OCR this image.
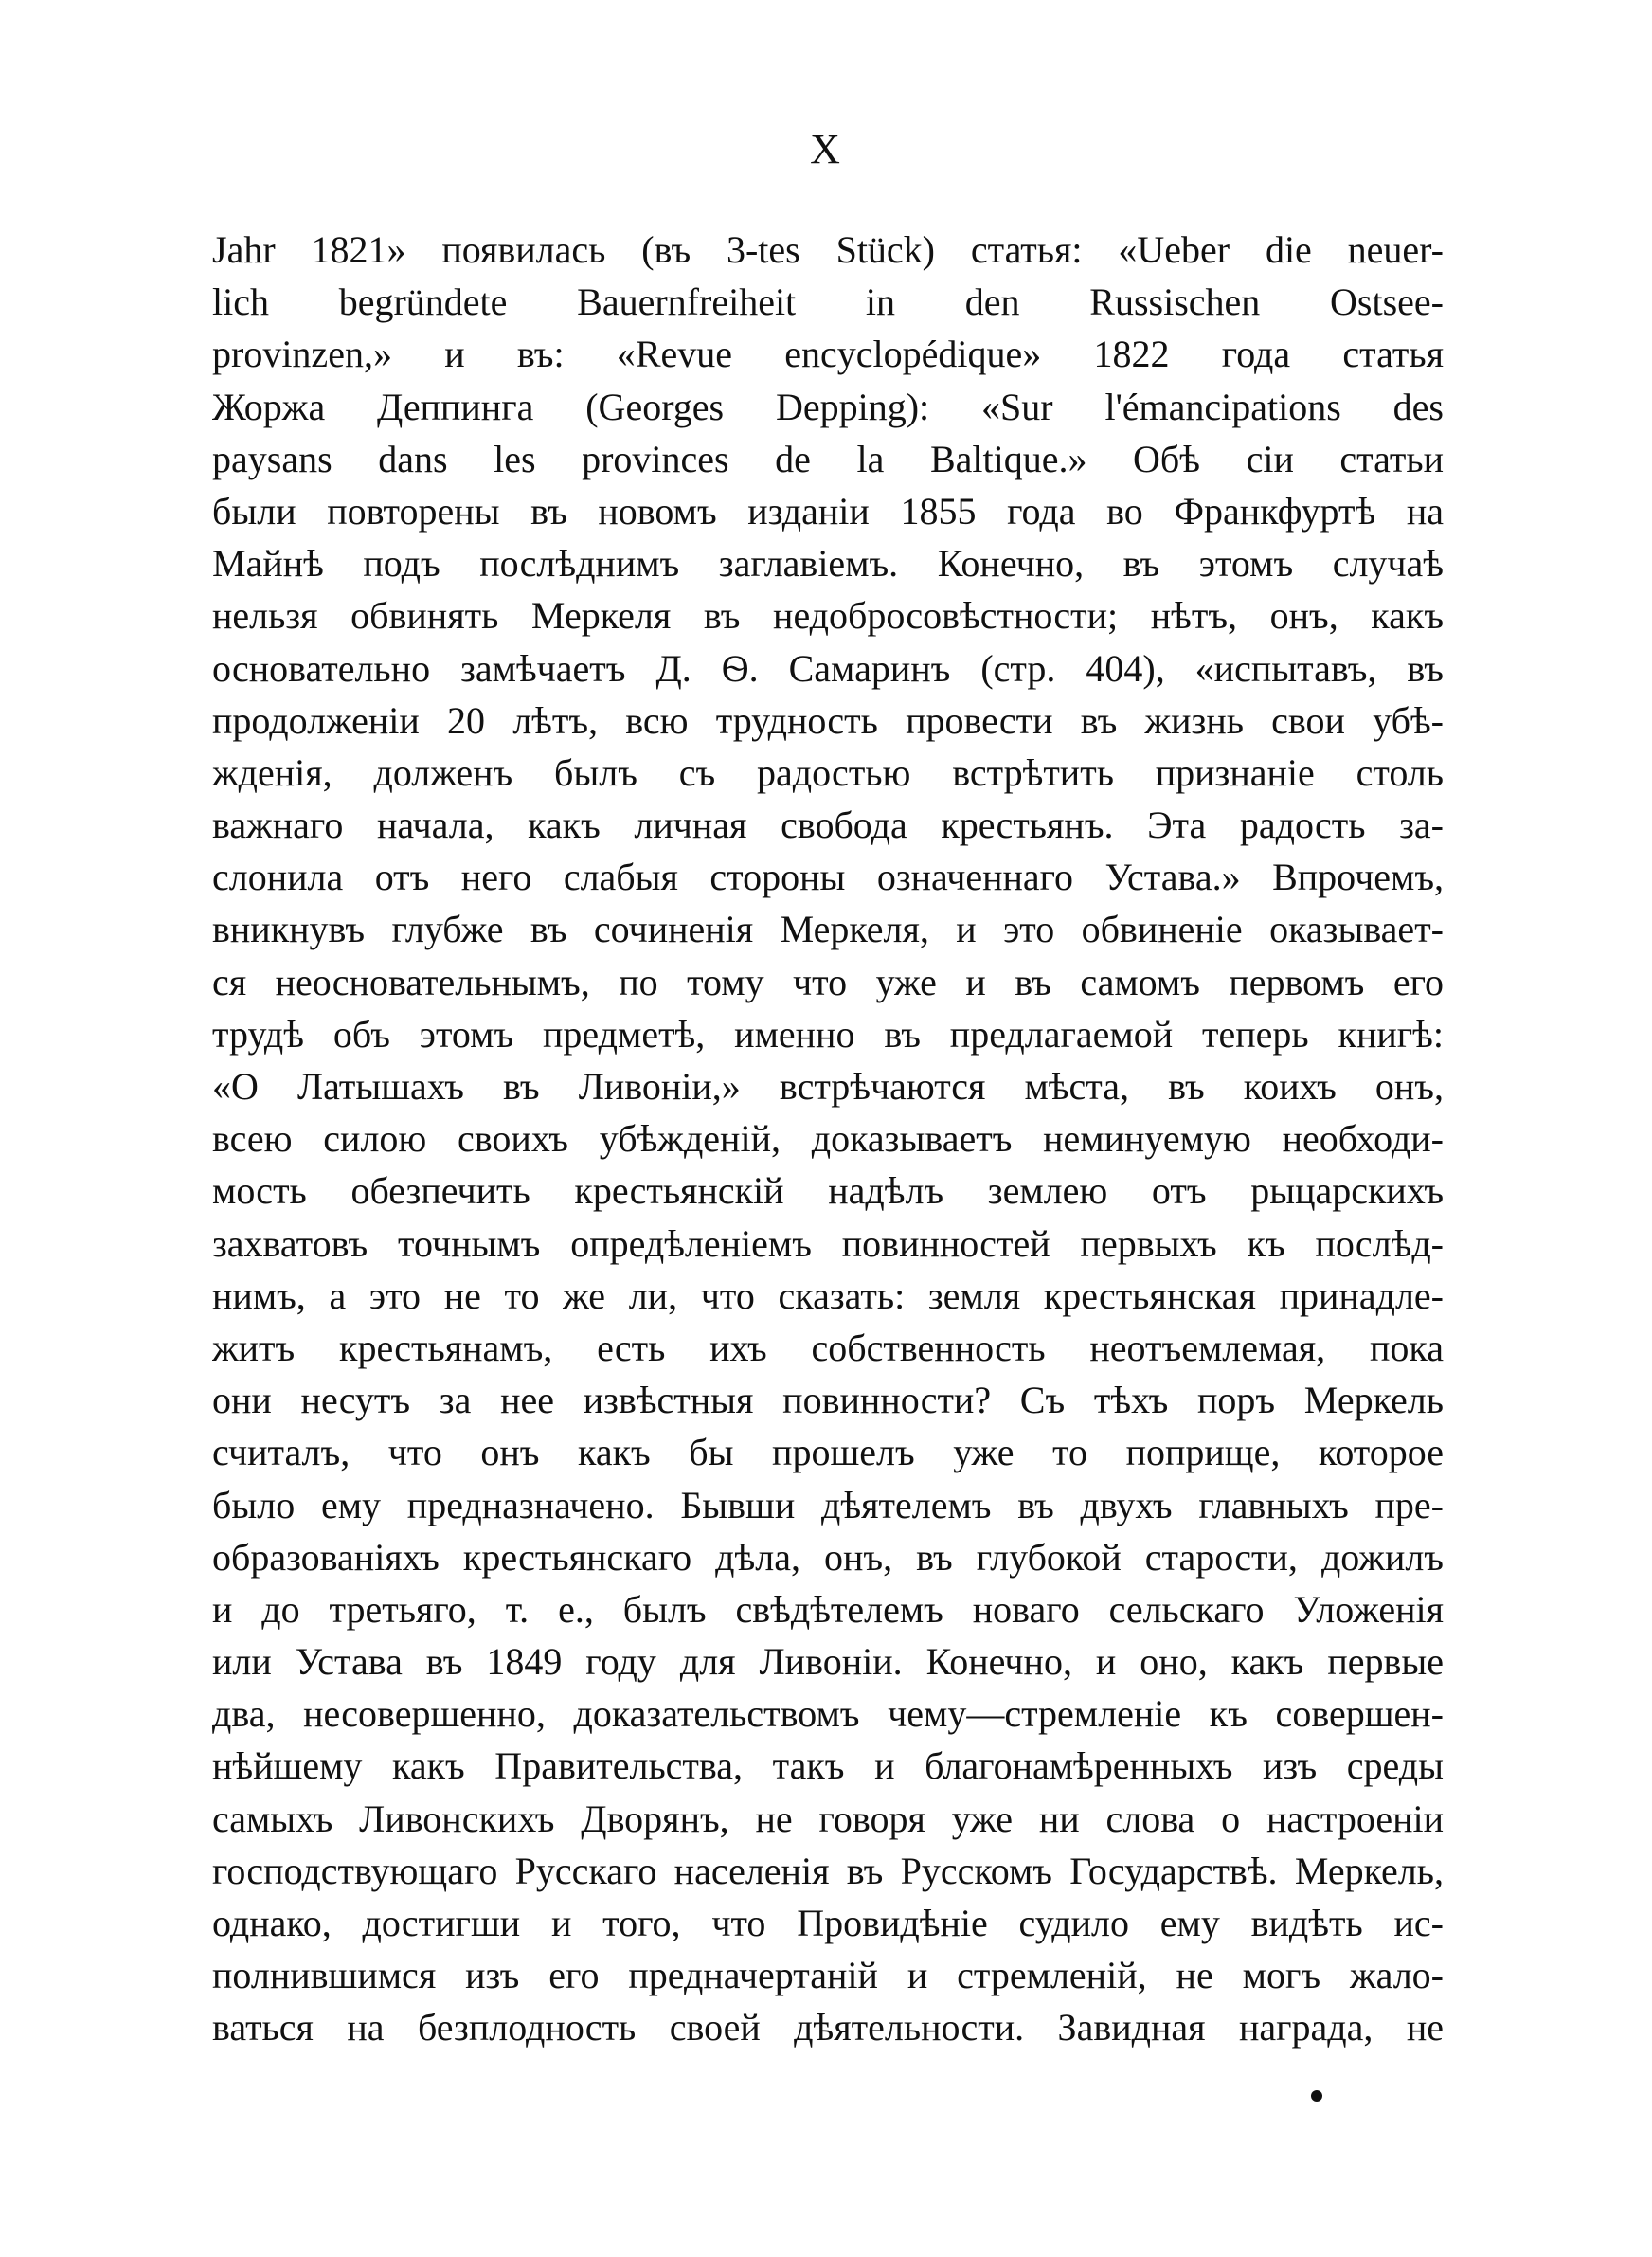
X
Jahr 1821» появилась (въ 3-tes Stück) статья: «Ueber die neuer-
lich begründete Bauernfreiheit in den Russischen Ostsee-
provinzen,» и въ: «Revue encyclopédique» 1822 года статья
Жоржа Деппинга (Georges Depping): «Sur l'émancipations des
paysans dans les provinces de la Baltique.» Обѣ сіи статьи
были повторены въ новомъ изданіи 1855 года во Франкфуртѣ на
Майнѣ подъ послѣднимъ заглавіемъ. Конечно, въ этомъ случаѣ
нельзя обвинять Меркеля въ недобросовѣстности; нѣтъ, онъ, какъ
основательно замѣчаетъ Д. Ѳ. Самаринъ (стр. 404), «испытавъ, въ
продолженіи 20 лѣтъ, всю трудность провести въ жизнь свои убѣ-
жденія, долженъ былъ съ радостью встрѣтить признаніе столь
важнаго начала, какъ личная свобода крестьянъ. Эта радость за-
слонила отъ него слабыя стороны означеннаго Устава.» Впрочемъ,
вникнувъ глубже въ сочиненія Меркеля, и это обвиненіе оказывает-
ся неосновательнымъ, по тому что уже и въ самомъ первомъ его
трудѣ объ этомъ предметѣ, именно въ предлагаемой теперь книгѣ:
«О Латышахъ въ Ливоніи,» встрѣчаются мѣста, въ коихъ онъ,
всею силою своихъ убѣжденій, доказываетъ неминуемую необходи-
мость обезпечить крестьянскій надѣлъ землею отъ рыцарскихъ
захватовъ точнымъ опредѣленіемъ повинностей первыхъ къ послѣд-
нимъ, а это не то же ли, что сказать: земля крестьянская принадле-
житъ крестьянамъ, есть ихъ собственность неотъемлемая, пока
они несутъ за нее извѣстныя повинности? Съ тѣхъ поръ Меркель
считалъ, что онъ какъ бы прошелъ уже то поприще, которое
было ему предназначено. Бывши дѣятелемъ въ двухъ главныхъ пре-
образованіяхъ крестьянскаго дѣла, онъ, въ глубокой старости, дожилъ
и до третьяго, т. е., былъ свѣдѣтелемъ новаго сельскаго Уложенія
или Устава въ 1849 году для Ливоніи. Конечно, и оно, какъ первые
два, несовершенно, доказательствомъ чему—стремленіе къ совершен-
нѣйшему какъ Правительства, такъ и благонамѣренныхъ изъ среды
самыхъ Ливонскихъ Дворянъ, не говоря уже ни слова о настроеніи
господствующаго Русскаго населенія въ Русскомъ Государствѣ. Меркель,
однако, достигши и того, что Провидѣніе судило ему видѣть ис-
полнившимся изъ его предначертаній и стремленій, не могъ жало-
ваться на безплодность своей дѣятельности. Завидная награда, не
